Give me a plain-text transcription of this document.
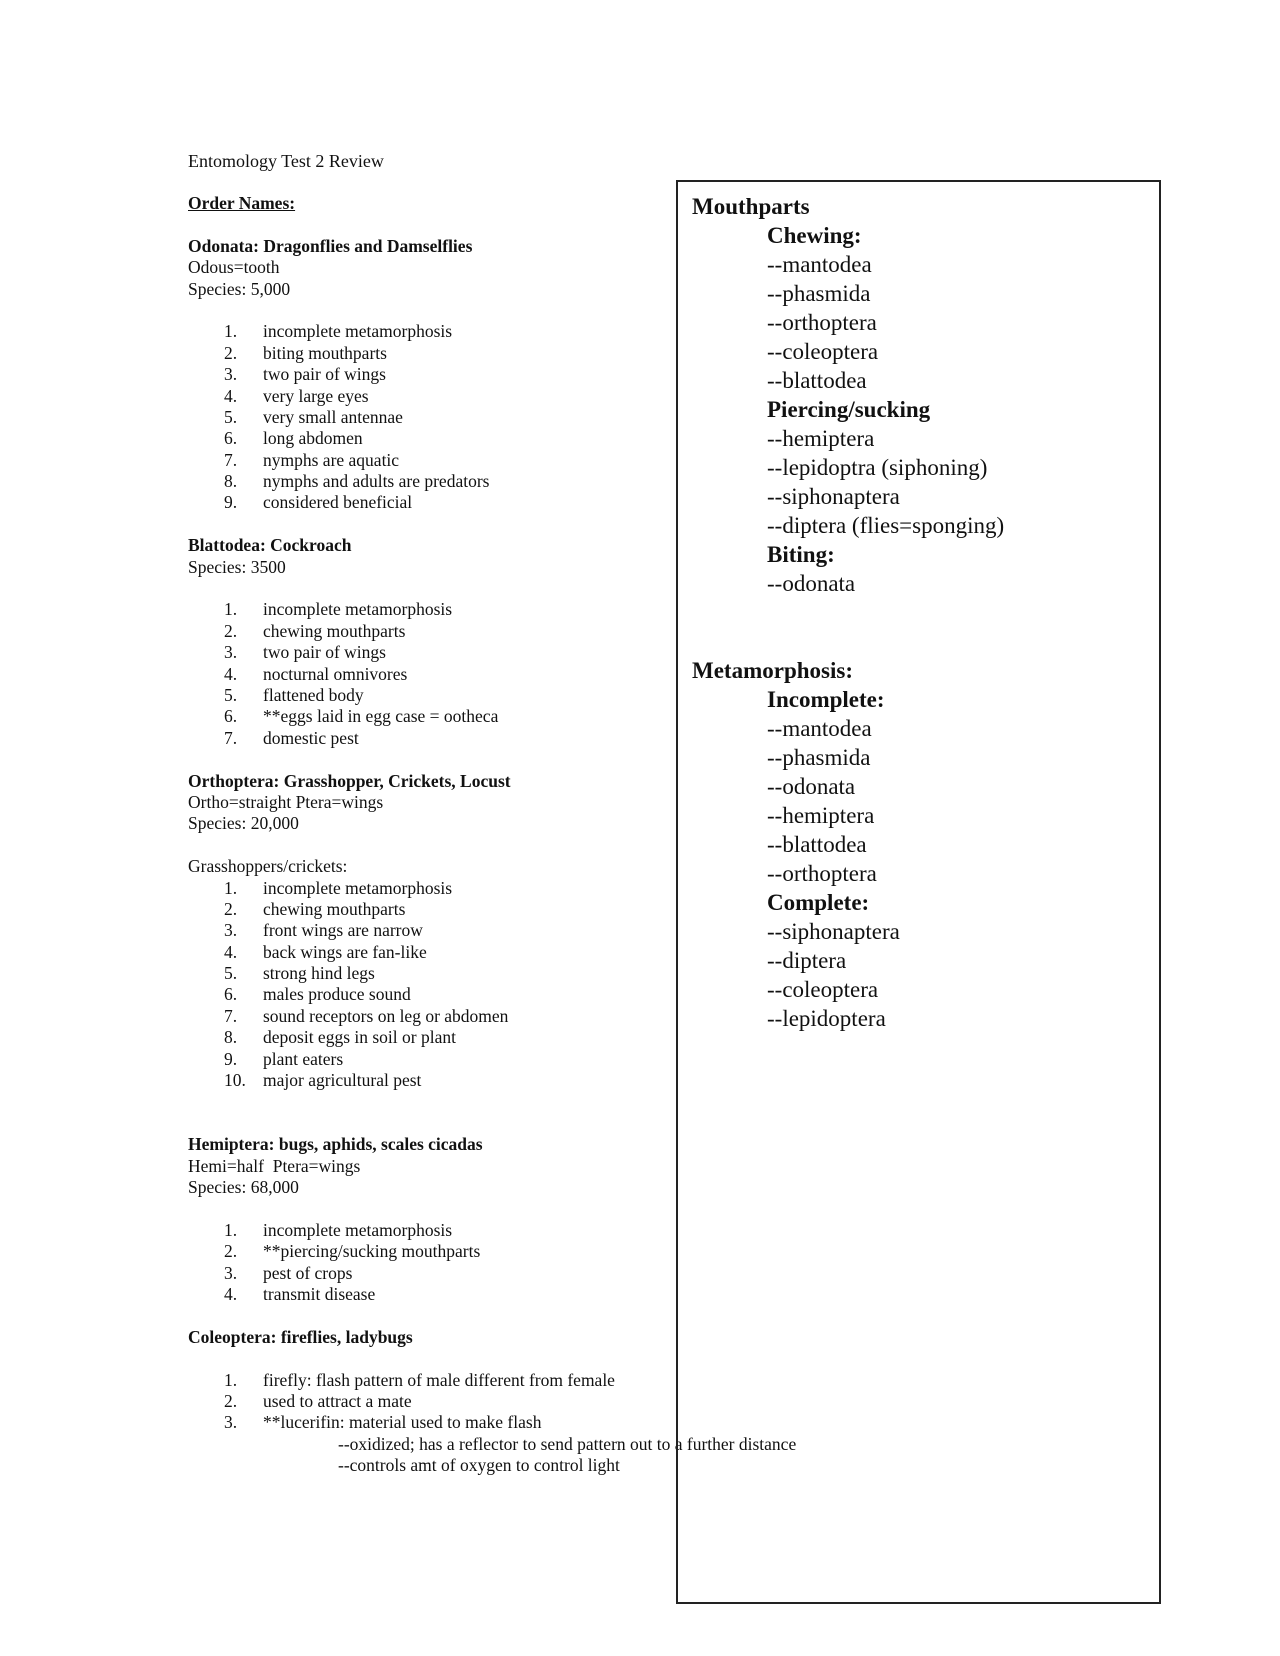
Entomology Test 2 Review
Order Names:
Odonata: Dragonflies and Damselflies
Odous=tooth
Species: 5,000
1.	incomplete metamorphosis
2.	biting mouthparts
3.	two pair of wings
4.	very large eyes
5.	very small antennae
6.	long abdomen
7.	nymphs are aquatic
8.	nymphs and adults are predators
9.	considered beneficial
Blattodea: Cockroach
Species: 3500
1.	incomplete metamorphosis
2.	chewing mouthparts
3.	two pair of wings
4.	nocturnal omnivores
5.	flattened body
6.	**eggs laid in egg case = ootheca
7.	domestic pest
Orthoptera: Grasshopper, Crickets, Locust
Ortho=straight Ptera=wings
Species: 20,000
Grasshoppers/crickets:
1.	incomplete metamorphosis
2.	chewing mouthparts
3.	front wings are narrow
4.	back wings are fan-like
5.	strong hind legs
6.	males produce sound
7.	sound receptors on leg or abdomen
8.	deposit eggs in soil or plant
9.	plant eaters
10. major agricultural pest
Hemiptera: bugs, aphids, scales cicadas
Hemi=half  Ptera=wings
Species: 68,000
1.	incomplete metamorphosis
2.	**piercing/sucking mouthparts
3.	pest of crops
4.	transmit disease
Coleoptera: fireflies, ladybugs
1.	firefly: flash pattern of male different from female
2.	used to attract a mate
3.	**lucerifin: material used to make flash
--oxidized; has a reflector to send pattern out to a further distance
--controls amt of oxygen to control light
Mouthparts
Chewing:
--mantodea
--phasmida
--orthoptera
--coleoptera
--blattodea
Piercing/sucking
--hemiptera
--lepidoptra (siphoning)
--siphonaptera
--diptera (flies=sponging)
Biting:
--odonata
Metamorphosis:
Incomplete:
--mantodea
--phasmida
--odonata
--hemiptera
--blattodea
--orthoptera
Complete:
--siphonaptera
--diptera
--coleoptera
--lepidoptera
